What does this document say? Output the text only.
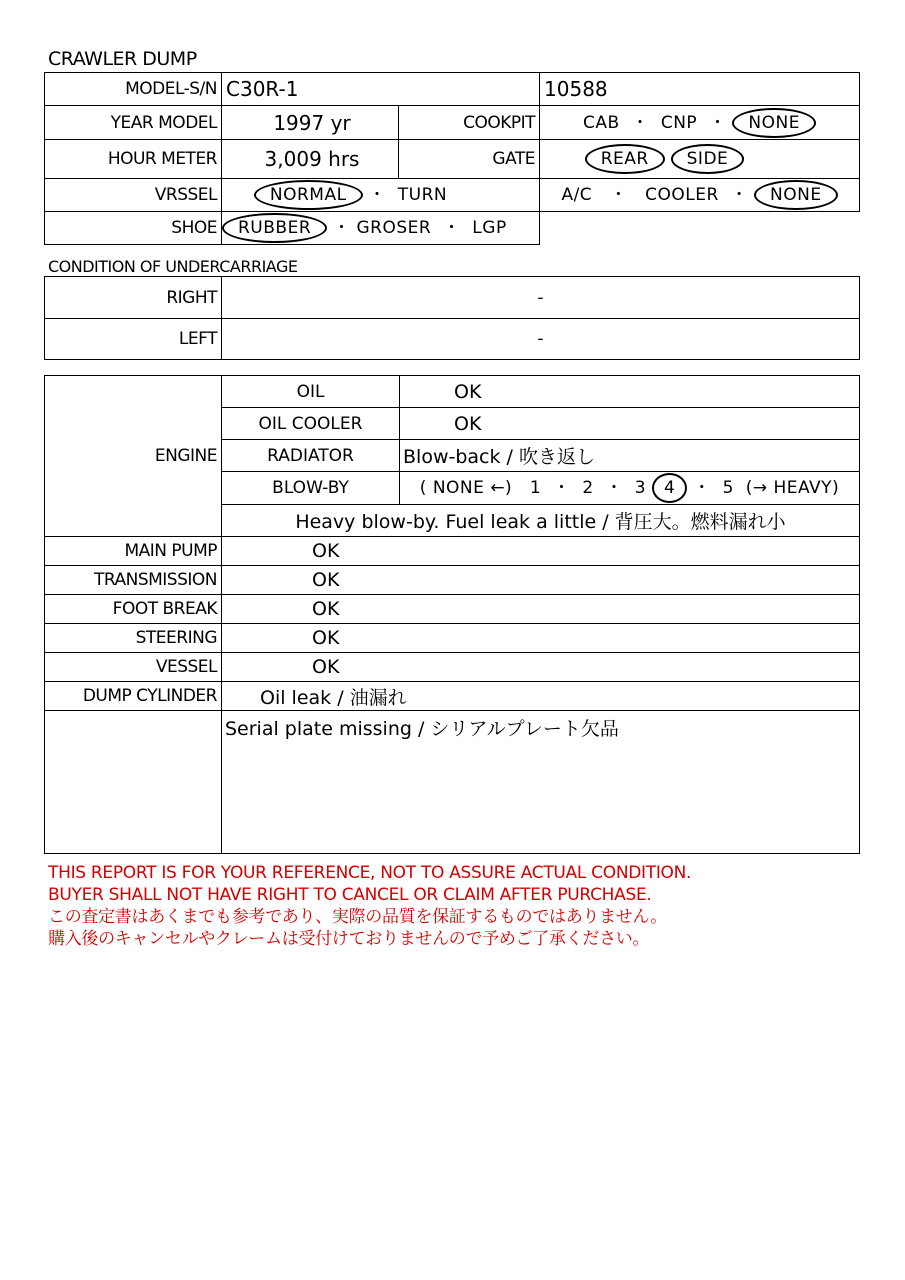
CRAWLER DUMP
MODEL-S/N	C30R-1		10588
YEAR MODEL	1997 yr	COOKPIT	CAB ・ CNP ・ NONE
HOUR METER	3,009 hrs	GATE	REAR SIDE
VRSSEL	NORMAL ・ TURN		A/C ・ COOLER ・ NONE
SHOE	RUBBER ・ GROSER ・ LGP		
CONDITION OF UNDERCARRIAGE
RIGHT	-
LEFT	-
ENGINE	OIL	OK
	OIL COOLER	OK
	RADIATOR	Blow-back / 吹き返し
	BLOW-BY	( NONE ←) 1 ・ 2 ・ 3 4 ・ 5 (→ HEAVY)
	Heavy blow-by. Fuel leak a little / 背圧大。燃料漏れ小	
MAIN PUMP	OK	
TRANSMISSION	OK	
FOOT BREAK	OK	
STEERING	OK	
VESSEL	OK	
DUMP CYLINDER	Oil leak / 油漏れ	
	Serial plate missing / シリアルプレート欠品	
THIS REPORT IS FOR YOUR REFERENCE, NOT TO ASSURE ACTUAL CONDITION.
BUYER SHALL NOT HAVE RIGHT TO CANCEL OR CLAIM AFTER PURCHASE.
この査定書はあくまでも参考であり、実際の品質を保証するものではありません。
購入後のキャンセルやクレームは受付けておりませんので予めご了承ください。
